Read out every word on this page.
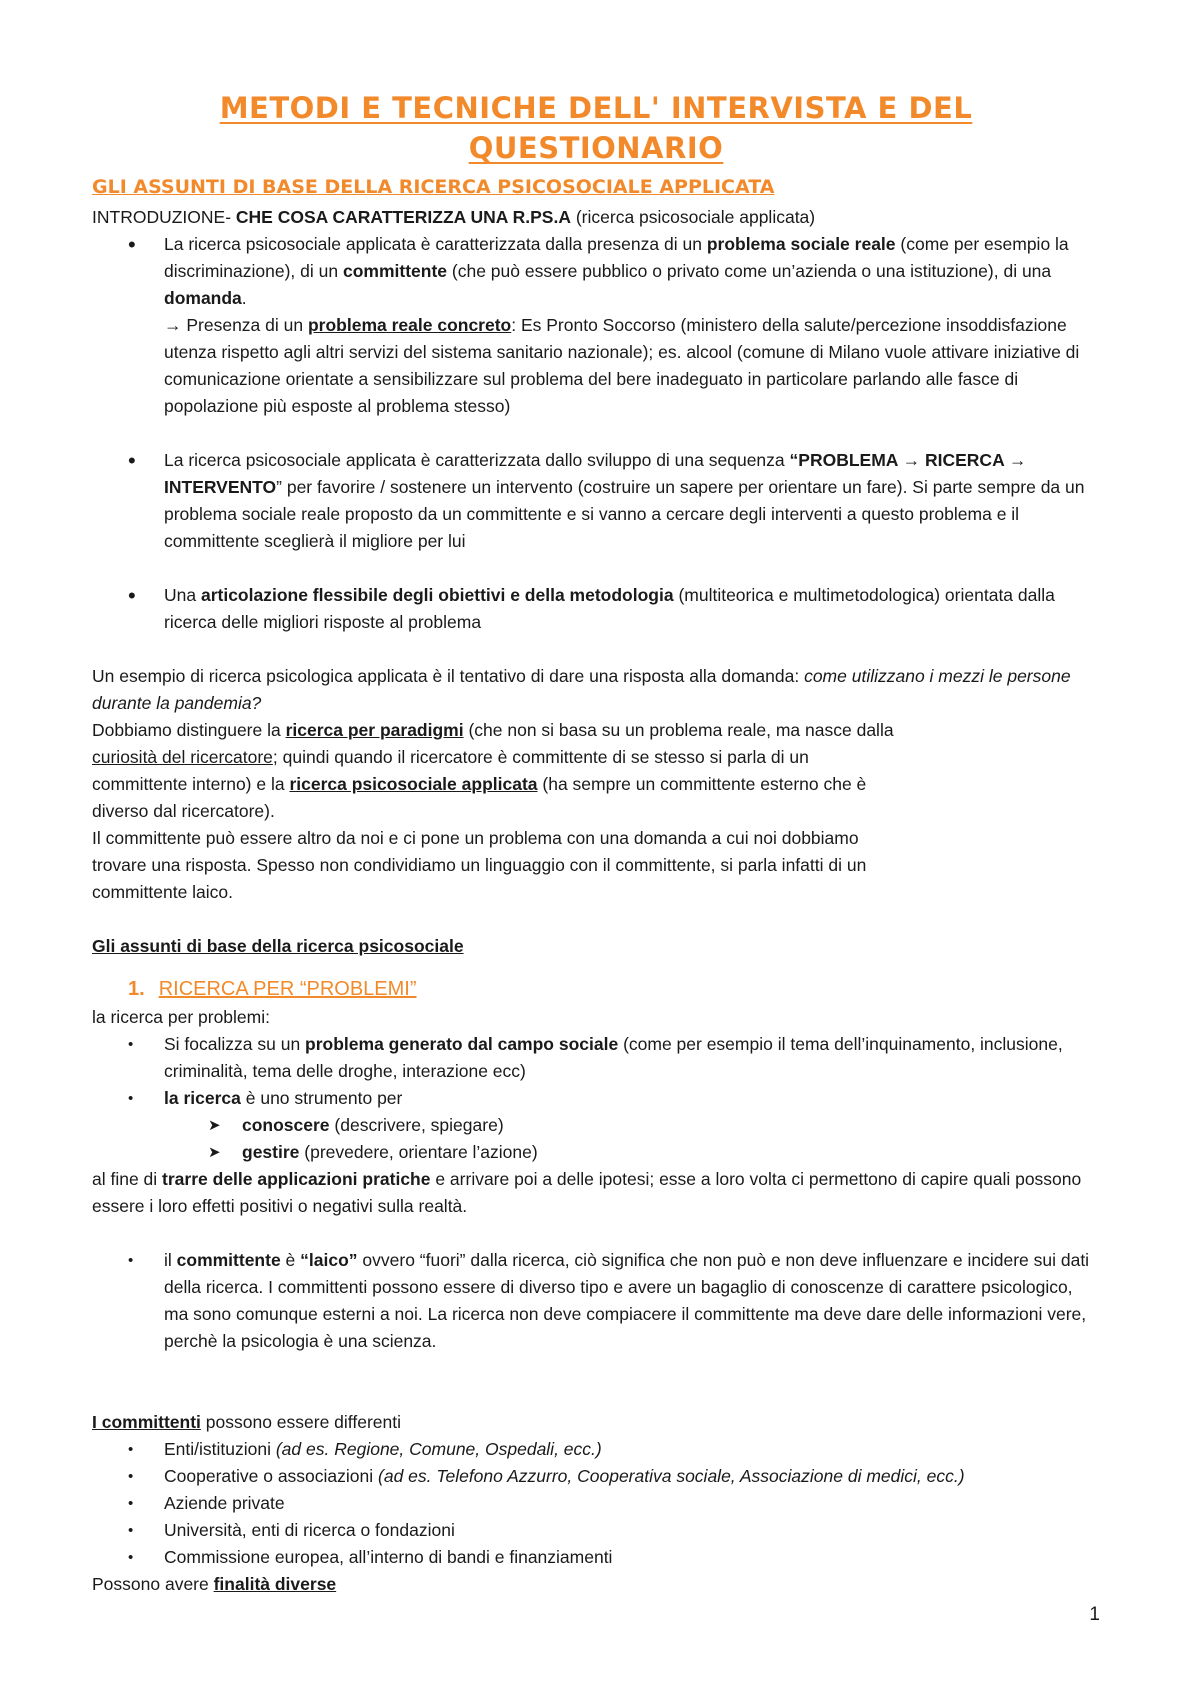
METODI E TECNICHE DELL' INTERVISTA E DEL QUESTIONARIO
GLI ASSUNTI DI BASE DELLA RICERCA PSICOSOCIALE APPLICATA

INTRODUZIONE- CHE COSA CARATTERIZZA UNA R.PS.A (ricerca psicosociale applicata)

• La ricerca psicosociale applicata è caratterizzata dalla presenza di un problema sociale reale (come per esempio la discriminazione), di un committente (che può essere pubblico o privato come un’azienda o una istituzione), di una domanda.
→ Presenza di un problema reale concreto: Es Pronto Soccorso (ministero della salute/percezione insoddisfazione utenza rispetto agli altri servizi del sistema sanitario nazionale); es. alcool (comune di Milano vuole attivare iniziative di comunicazione orientate a sensibilizzare sul problema del bere inadeguato in particolare parlando alle fasce di popolazione più esposte al problema stesso)
• La ricerca psicosociale applicata è caratterizzata dallo sviluppo di una sequenza “PROBLEMA → RICERCA → INTERVENTO” per favorire / sostenere un intervento (costruire un sapere per orientare un fare). Si parte sempre da un problema sociale reale proposto da un committente e si vanno a cercare degli interventi a questo problema e il committente sceglierà il migliore per lui
• Una articolazione flessibile degli obiettivi e della metodologia (multiteorica e multimetodologica) orientata dalla ricerca delle migliori risposte al problema

Un esempio di ricerca psicologica applicata è il tentativo di dare una risposta alla domanda: come utilizzano i mezzi le persone durante la pandemia?

Dobbiamo distinguere la ricerca per paradigmi (che non si basa su un problema reale, ma nasce dalla curiosità del ricercatore; quindi quando il ricercatore è committente di se stesso si parla di un committente interno) e la ricerca psicosociale applicata (ha sempre un committente esterno che è diverso dal ricercatore).

Il committente può essere altro da noi e ci pone un problema con una domanda a cui noi dobbiamo trovare una risposta. Spesso non condividiamo un linguaggio con il committente, si parla infatti di un committente laico.

Gli assunti di base della ricerca psicosociale

1. RICERCA PER “PROBLEMI”

la ricerca per problemi:

• Si focalizza su un problema generato dal campo sociale (come per esempio il tema dell’inquinamento, inclusione, criminalità, tema delle droghe, interazione ecc)
• la ricerca è uno strumento per
➤ conoscere (descrivere, spiegare)
➤ gestire (prevedere, orientare l’azione)

al fine di trarre delle applicazioni pratiche e arrivare poi a delle ipotesi; esse a loro volta ci permettono di capire quali possono essere i loro effetti positivi o negativi sulla realtà.

• il committente è “laico” ovvero “fuori” dalla ricerca, ciò significa che non può e non deve influenzare e incidere sui dati della ricerca. I committenti possono essere di diverso tipo e avere un bagaglio di conoscenze di carattere psicologico, ma sono comunque esterni a noi. La ricerca non deve compiacere il committente ma deve dare delle informazioni vere, perchè la psicologia è una scienza.

I committenti possono essere differenti

• Enti/istituzioni (ad es. Regione, Comune, Ospedali, ecc.)
• Cooperative o associazioni (ad es. Telefono Azzurro, Cooperativa sociale, Associazione di medici, ecc.)
• Aziende private
• Università, enti di ricerca o fondazioni
• Commissione europea, all’interno di bandi e finanziamenti

Possono avere finalità diverse

1
